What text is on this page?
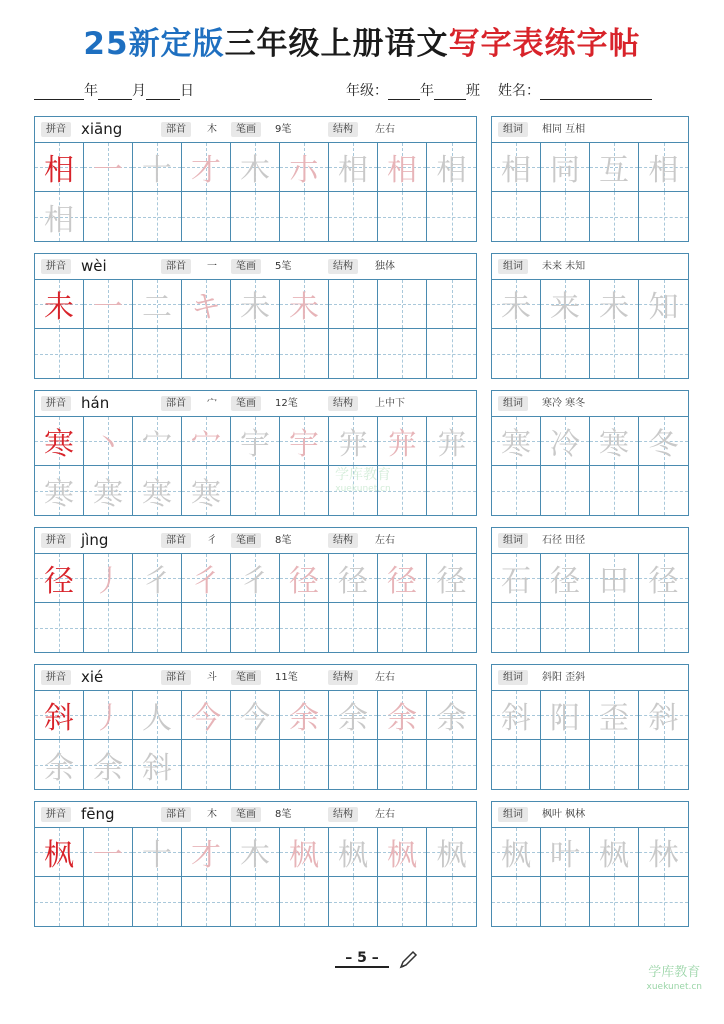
25新定版三年级上册语文写字表练字帖
年 月 日	年级： 年 班 姓名：
拼音	xiāng	部首	木	笔画	9笔	结构	左右
相 一 十 才 木 朩 相 相 相
相
组词	相同 互相
相 同 互 相
拼音	wèi	部首	一	笔画	5笔	结构	独体
未 一 二 キ 未 未
组词	未来 未知
未 来 未 知
拼音	hán	部首	宀	笔画	12笔	结构	上中下
寒 丶 宀 宀 宇 宇 宑 宑 宑
寒 寒 寒 寒
组词	寒冷 寒冬
寒 冷 寒 冬
拼音	jìng	部首	彳	笔画	8笔	结构	左右
径 丿 彳 彳 彳 径 径 径 径
组词	石径 田径
石 径 田 径
拼音	xié	部首	斗	笔画	11笔	结构	左右
斜 丿 人 今 今 余 余 余 余
余 余 斜
组词	斜阳 歪斜
斜 阳 歪 斜
拼音	fēng	部首	木	笔画	8笔	结构	左右
枫 一 十 才 木 枫 枫 枫 枫
组词	枫叶 枫林
枫 叶 枫 林
– 5 –
学库教育
xuekunet.cn
学库教育
xuekunet.cn
